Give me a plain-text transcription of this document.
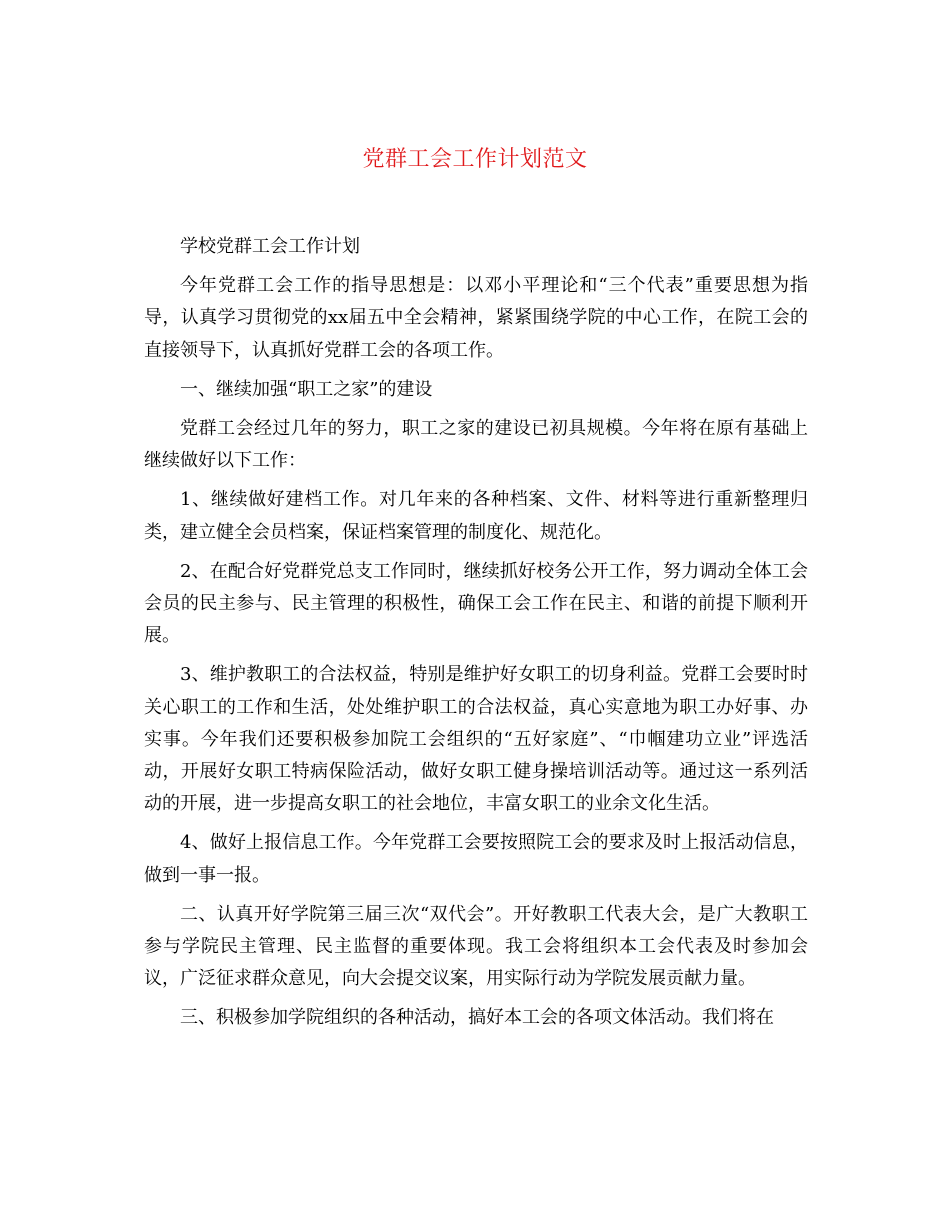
党群工会工作计划范文

学校党群工会工作计划

今年党群工会工作的指导思想是：以邓小平理论和“三个代表”重要思想为指导，认真学习贯彻党的xx届五中全会精神，紧紧围绕学院的中心工作，在院工会的直接领导下，认真抓好党群工会的各项工作。

一、继续加强“职工之家”的建设

党群工会经过几年的努力，职工之家的建设已初具规模。今年将在原有基础上继续做好以下工作：

1、继续做好建档工作。对几年来的各种档案、文件、材料等进行重新整理归类，建立健全会员档案，保证档案管理的制度化、规范化。

2、在配合好党群党总支工作同时，继续抓好校务公开工作，努力调动全体工会会员的民主参与、民主管理的积极性，确保工会工作在民主、和谐的前提下顺利开展。

3、维护教职工的合法权益，特别是维护好女职工的切身利益。党群工会要时时关心职工的工作和生活，处处维护职工的合法权益，真心实意地为职工办好事、办实事。今年我们还要积极参加院工会组织的“五好家庭”、“巾帼建功立业”评选活动，开展好女职工特病保险活动，做好女职工健身操培训活动等。通过这一系列活动的开展，进一步提高女职工的社会地位，丰富女职工的业余文化生活。

4、做好上报信息工作。今年党群工会要按照院工会的要求及时上报活动信息，做到一事一报。

二、认真开好学院第三届三次“双代会”。开好教职工代表大会，是广大教职工参与学院民主管理、民主监督的重要体现。我工会将组织本工会代表及时参加会议，广泛征求群众意见，向大会提交议案，用实际行动为学院发展贡献力量。

三、积极参加学院组织的各种活动，搞好本工会的各项文体活动。我们将在
